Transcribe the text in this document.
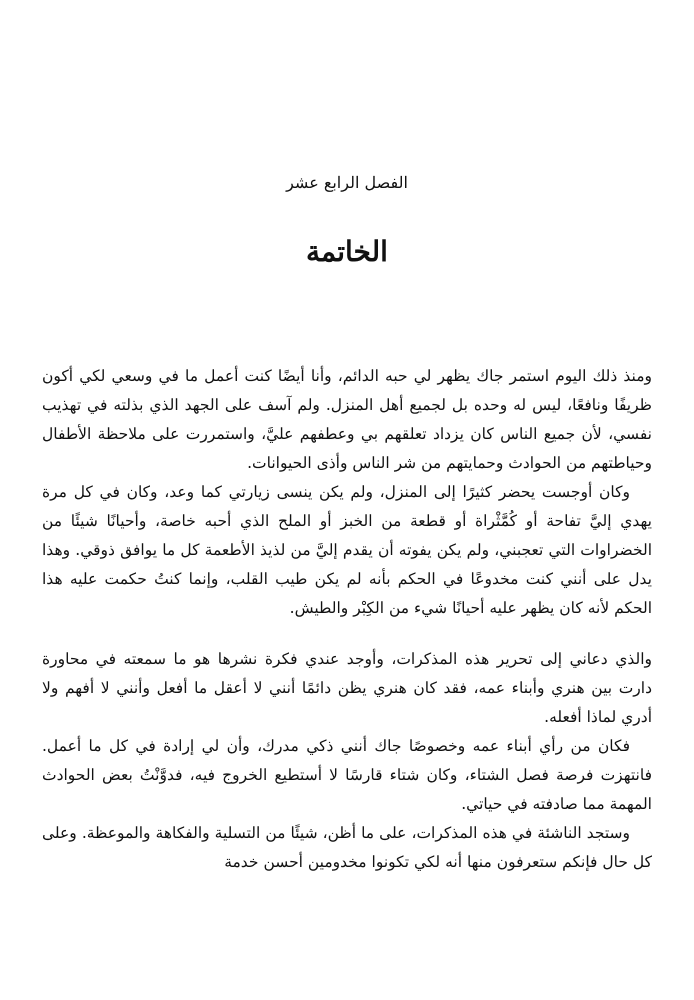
الفصل الرابع عشر
الخاتمة

ومنذ ذلك اليوم استمر جاك يظهر لي حبه الدائم، وأنا أيضًا كنت أعمل ما في وسعي لكي أكون ظريفًا ونافعًا، ليس له وحده بل لجميع أهل المنزل. ولم آسف على الجهد الذي بذلته في تهذيب نفسي، لأن جميع الناس كان يزداد تعلقهم بي وعطفهم عليَّ، واستمررت على ملاحظة الأطفال وحياطتهم من الحوادث وحمايتهم من شر الناس وأذى الحيوانات.

وكان أوجست يحضر كثيرًا إلى المنزل، ولم يكن ينسى زيارتي كما وعد، وكان في كل مرة يهدي إليَّ تفاحة أو كُمَّثْراة أو قطعة من الخبز أو الملح الذي أحبه خاصة، وأحيانًا شيئًا من الخضراوات التي تعجبني، ولم يكن يفوته أن يقدم إليَّ من لذيذ الأطعمة كل ما يوافق ذوقي. وهذا يدل على أنني كنت مخدوعًا في الحكم بأنه لم يكن طيب القلب، وإنما كنتُ حكمت عليه هذا الحكم لأنه كان يظهر عليه أحيانًا شيء من الكِبْر والطيش.

والذي دعاني إلى تحرير هذه المذكرات، وأوجد عندي فكرة نشرها هو ما سمعته في محاورة دارت بين هنري وأبناء عمه، فقد كان هنري يظن دائمًا أنني لا أعقل ما أفعل وأنني لا أفهم ولا أدري لماذا أفعله.

فكان من رأي أبناء عمه وخصوصًا جاك أنني ذكي مدرك، وأن لي إرادة في كل ما أعمل. فانتهزت فرصة فصل الشتاء، وكان شتاء قارسًا لا أستطيع الخروج فيه، فدوَّنْتُ بعض الحوادث المهمة مما صادفته في حياتي.

وستجد الناشئة في هذه المذكرات، على ما أظن، شيئًا من التسلية والفكاهة والموعظة. وعلى كل حال فإنكم ستعرفون منها أنه لكي تكونوا مخدومين أحسن خدمة
